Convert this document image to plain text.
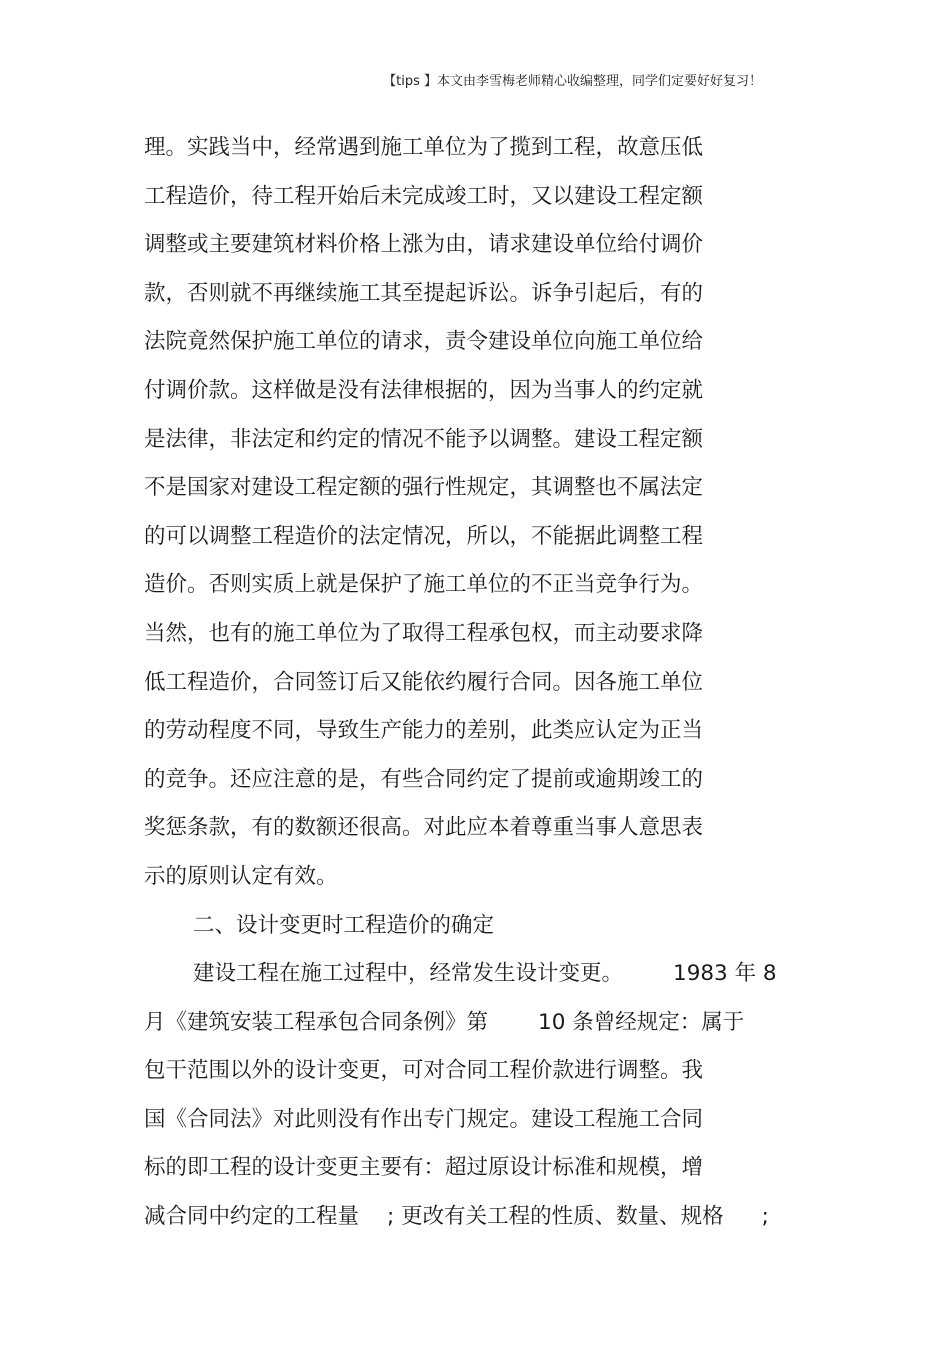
【tips 】本文由李雪梅老师精心收编整理，同学们定要好好复习！
理。实践当中，经常遇到施工单位为了揽到工程，故意压低
工程造价，待工程开始后未完成竣工时，又以建设工程定额
调整或主要建筑材料价格上涨为由，请求建设单位给付调价
款，否则就不再继续施工其至提起诉讼。诉争引起后，有的
法院竟然保护施工单位的请求，责令建设单位向施工单位给
付调价款。这样做是没有法律根据的，因为当事人的约定就
是法律，非法定和约定的情况不能予以调整。建设工程定额
不是国家对建设工程定额的强行性规定，其调整也不属法定
的可以调整工程造价的法定情况，所以，不能据此调整工程
造价。否则实质上就是保护了施工单位的不正当竞争行为。
当然，也有的施工单位为了取得工程承包权，而主动要求降
低工程造价，合同签订后又能依约履行合同。因各施工单位
的劳动程度不同，导致生产能力的差别，此类应认定为正当
的竞争。还应注意的是，有些合同约定了提前或逾期竣工的
奖惩条款，有的数额还很高。对此应本着尊重当事人意思表
示的原则认定有效。
二、设计变更时工程造价的确定
建设工程在施工过程中，经常发生设计变更。 1983 年 8
月《建筑安装工程承包合同条例》第 10 条曾经规定：属于
包干范围以外的设计变更，可对合同工程价款进行调整。我
国《合同法》对此则没有作出专门规定。建设工程施工合同
标的即工程的设计变更主要有：超过原设计标准和规模，增
减合同中约定的工程量 ; 更改有关工程的性质、数量、规格 ;
